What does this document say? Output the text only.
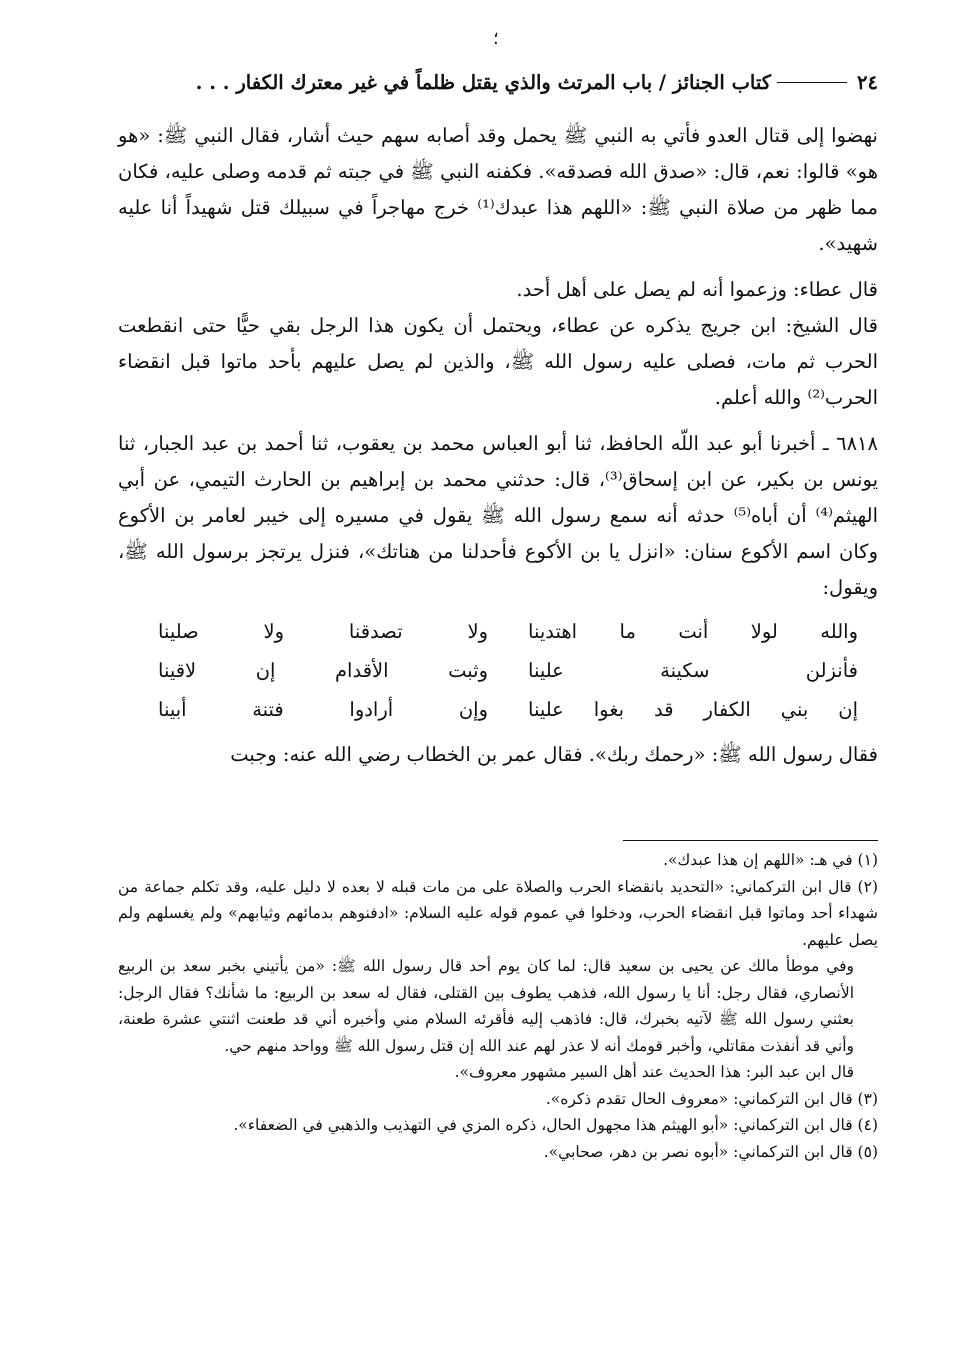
؛
٢٤
كتاب الجنائز / باب المرتث والذي يقتل ظلماً في غير معترك الكفار . . .

نهضوا إلى قتال العدو فأتي به النبي ﷺ يحمل وقد أصابه سهم حيث أشار، فقال النبي ﷺ: «هو هو» قالوا: نعم، قال: «صدق الله فصدقه». فكفنه النبي ﷺ في جبته ثم قدمه وصلى عليه، فكان مما ظهر من صلاة النبي ﷺ: «اللهم هذا عبدك⁽¹⁾ خرج مهاجراً في سبيلك قتل شهيداً أنا عليه شهيد».

قال عطاء: وزعموا أنه لم يصل على أهل أحد.

قال الشيخ: ابن جريج يذكره عن عطاء، ويحتمل أن يكون هذا الرجل بقي حيًّا حتى انقطعت الحرب ثم مات، فصلى عليه رسول الله ﷺ، والذين لم يصل عليهم بأحد ماتوا قبل انقضاء الحرب⁽²⁾ والله أعلم.

٦٨١٨ ـ أخبرنا أبو عبد اللّه الحافظ، ثنا أبو العباس محمد بن يعقوب، ثنا أحمد بن عبد الجبار، ثنا يونس بن بكير، عن ابن إسحاق⁽³⁾، قال: حدثني محمد بن إبراهيم بن الحارث التيمي، عن أبي الهيثم⁽⁴⁾ أن أباه⁽⁵⁾ حدثه أنه سمع رسول الله ﷺ يقول في مسيره إلى خيبر لعامر بن الأكوع وكان اسم الأكوع سنان: «انزل يا بن الأكوع فأحدلنا من هناتك»، فنزل يرتجز برسول الله ﷺ، ويقول:

والله لولا أنت ما اهتدينا
ولا تصدقنا ولا صلينا
فأنزلن سكينة علينا
وثبت الأقدام إن لاقينا
إن بني الكفار قد بغوا علينا
وإن أرادوا فتنة أبينا

فقال رسول الله ﷺ: «رحمك ربك». فقال عمر بن الخطاب رضي الله عنه: وجبت

(١) في هـ: «اللهم إن هذا عبدك».

(٢) قال ابن التركماني: «التحديد بانقضاء الحرب والصلاة على من مات قبله لا بعده لا دليل عليه، وقد تكلم جماعة من شهداء أحد وماتوا قبل انقضاء الحرب، ودخلوا في عموم قوله عليه السلام: «ادفنوهم بدمائهم وثيابهم» ولم يغسلهم ولم يصل عليهم.

وفي موطأ مالك عن يحيى بن سعيد قال: لما كان يوم أحد قال رسول الله ﷺ: «من يأتيني بخبر سعد بن الربيع الأنصاري، فقال رجل: أنا يا رسول الله، فذهب يطوف بين القتلى، فقال له سعد بن الربيع: ما شأنك؟ فقال الرجل: بعثني رسول الله ﷺ لآتيه بخبرك، قال: فاذهب إليه فأقرئه السلام مني وأخبره أني قد طعنت اثنتي عشرة طعنة، وأني قد أنفذت مقاتلي، وأخبر قومك أنه لا عذر لهم عند الله إن قتل رسول الله ﷺ وواحد منهم حي.

قال ابن عبد البر: هذا الحديث عند أهل السير مشهور معروف».

(٣) قال ابن التركماني: «معروف الحال تقدم ذكره».

(٤) قال ابن التركماني: «أبو الهيثم هذا مجهول الحال، ذكره المزي في التهذيب والذهبي في الضعفاء».

(٥) قال ابن التركماني: «أبوه نصر بن دهر، صحابي».
